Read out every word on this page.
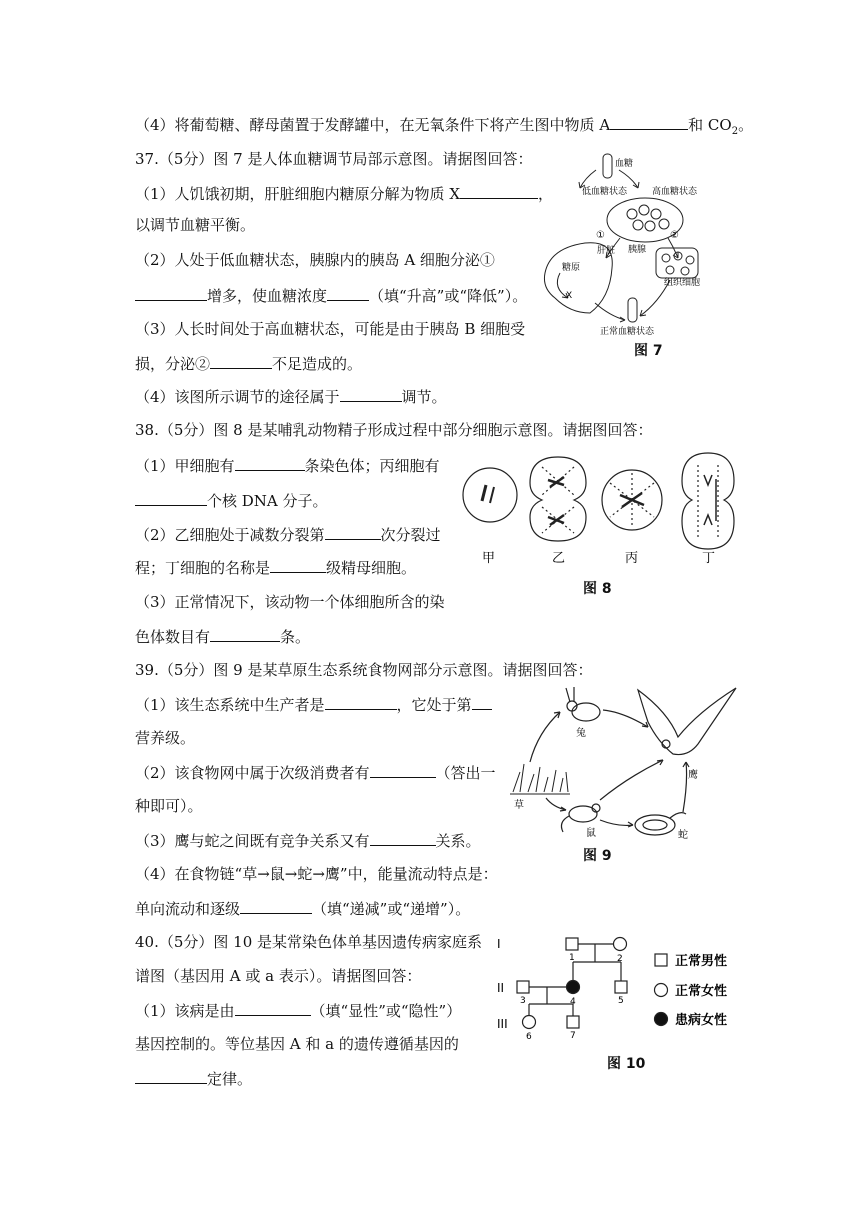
（4）将葡萄糖、酵母菌置于发酵罐中，在无氧条件下将产生图中物质 A	和 $CO_2$。
37.（5分）图 7 是人体血糖调节局部示意图。请据图回答：
（1）人饥饿初期，肝脏细胞内糖原分解为物质 X	，
以调节血糖平衡。
（2）人处于低血糖状态，胰腺内的胰岛 A 细胞分泌①
增多，使血糖浓度	（填“升高”或“降低”）。
（3）人长时间处于高血糖状态，可能是由于胰岛 B 细胞受
损，分泌②	不足造成的。
（4）该图所示调节的途径属于	调节。
血糖
低血糖状态	高血糖状态
胰腺
①	②
肝脏
糖原
X
组织细胞
正常血糖状态
图 7
38.（5分）图 8 是某哺乳动物精子形成过程中部分细胞示意图。请据图回答：
（1）甲细胞有	条染色体；丙细胞有
个核 DNA 分子。
（2）乙细胞处于减数分裂第	次分裂过
程；丁细胞的名称是	级精母细胞。
（3）正常情况下，该动物一个体细胞所含的染
色体数目有	条。
甲	乙	丙	丁
图 8
39.（5分）图 9 是某草原生态系统食物网部分示意图。请据图回答：
（1）该生态系统中生产者是	，它处于第
营养级。
（2）该食物网中属于次级消费者有	（答出一
种即可）。
（3）鹰与蛇之间既有竞争关系又有	关系。
（4）在食物链“草→鼠→蛇→鹰”中，能量流动特点是：
单向流动和逐级	（填“递减”或“递增”）。
兔
鹰
草
鼠	蛇
图 9
40.（5分）图 10 是某常染色体单基因遗传病家庭系
谱图（基因用 A 或 a 表示）。请据图回答：
（1）该病是由	（填“显性”或“隐性”）
基因控制的。等位基因 A 和 a 的遗传遵循基因的
定律。
I
II
III
1	2
3	4	5
6	7
正常男性
正常女性
患病女性
图 10
